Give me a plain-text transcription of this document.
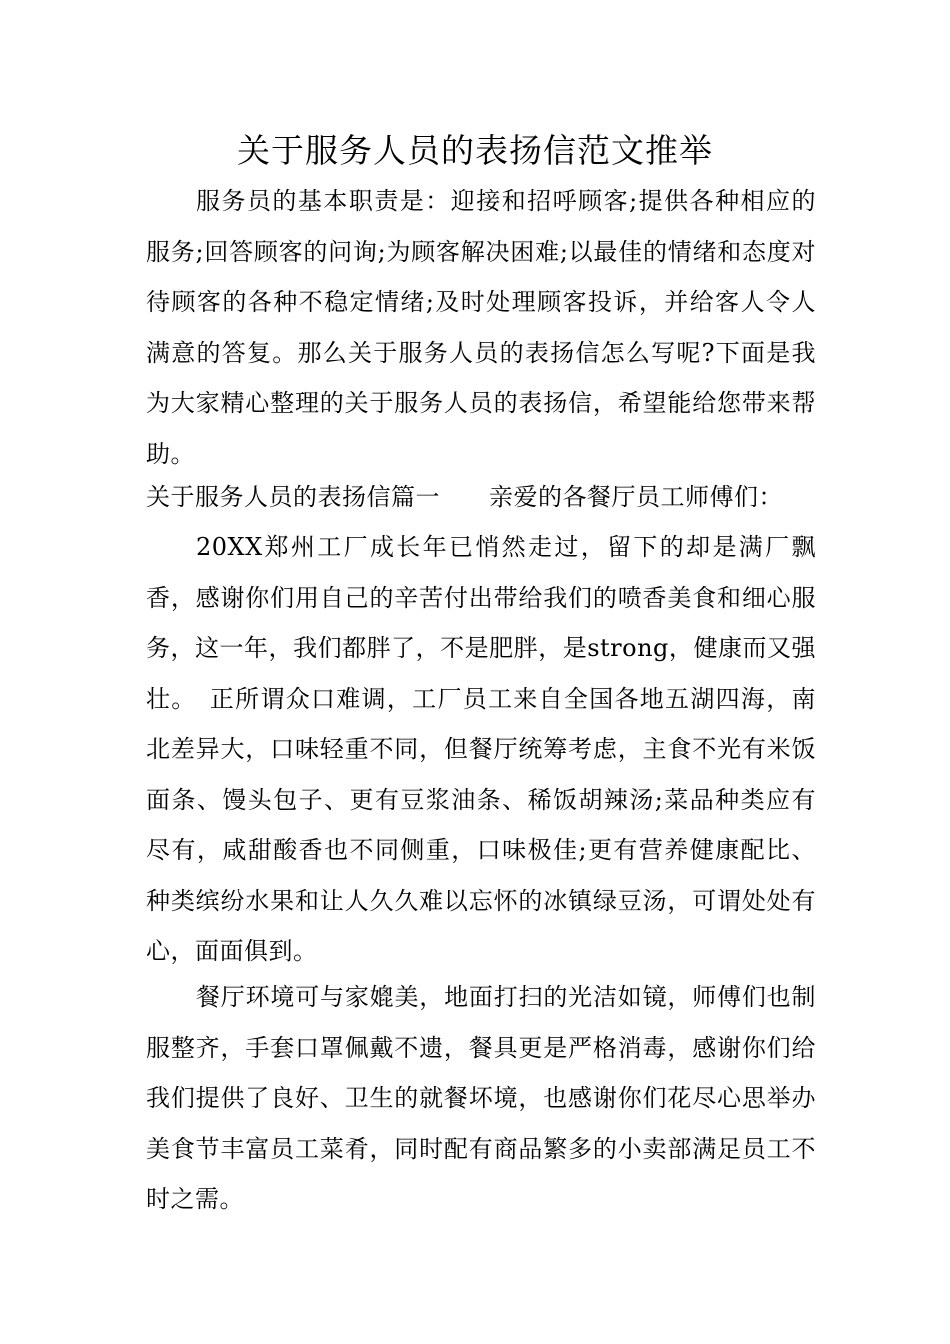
关于服务人员的表扬信范文推举

服务员的基本职责是：迎接和招呼顾客;提供各种相应的服务;回答顾客的问询;为顾客解决困难;以最佳的情绪和态度对待顾客的各种不稳定情绪;及时处理顾客投诉，并给客人令人满意的答复。那么关于服务人员的表扬信怎么写呢?下面是我为大家精心整理的关于服务人员的表扬信，希望能给您带来帮助。

关于服务人员的表扬信篇一　　亲爱的各餐厅员工师傅们：

20XX郑州工厂成长年已悄然走过，留下的却是满厂飘香，感谢你们用自己的辛苦付出带给我们的喷香美食和细心服务，这一年，我们都胖了，不是肥胖，是strong，健康而又强壮。　正所谓众口难调，工厂员工来自全国各地五湖四海，南北差异大，口味轻重不同，但餐厅统筹考虑，主食不光有米饭面条、馒头包子、更有豆浆油条、稀饭胡辣汤;菜品种类应有尽有，咸甜酸香也不同侧重，口味极佳;更有营养健康配比、种类缤纷水果和让人久久难以忘怀的冰镇绿豆汤，可谓处处有心，面面俱到。

餐厅环境可与家媲美，地面打扫的光洁如镜，师傅们也制服整齐，手套口罩佩戴不遗，餐具更是严格消毒，感谢你们给我们提供了良好、卫生的就餐坏境，也感谢你们花尽心思举办美食节丰富员工菜肴，同时配有商品繁多的小卖部满足员工不时之需。
